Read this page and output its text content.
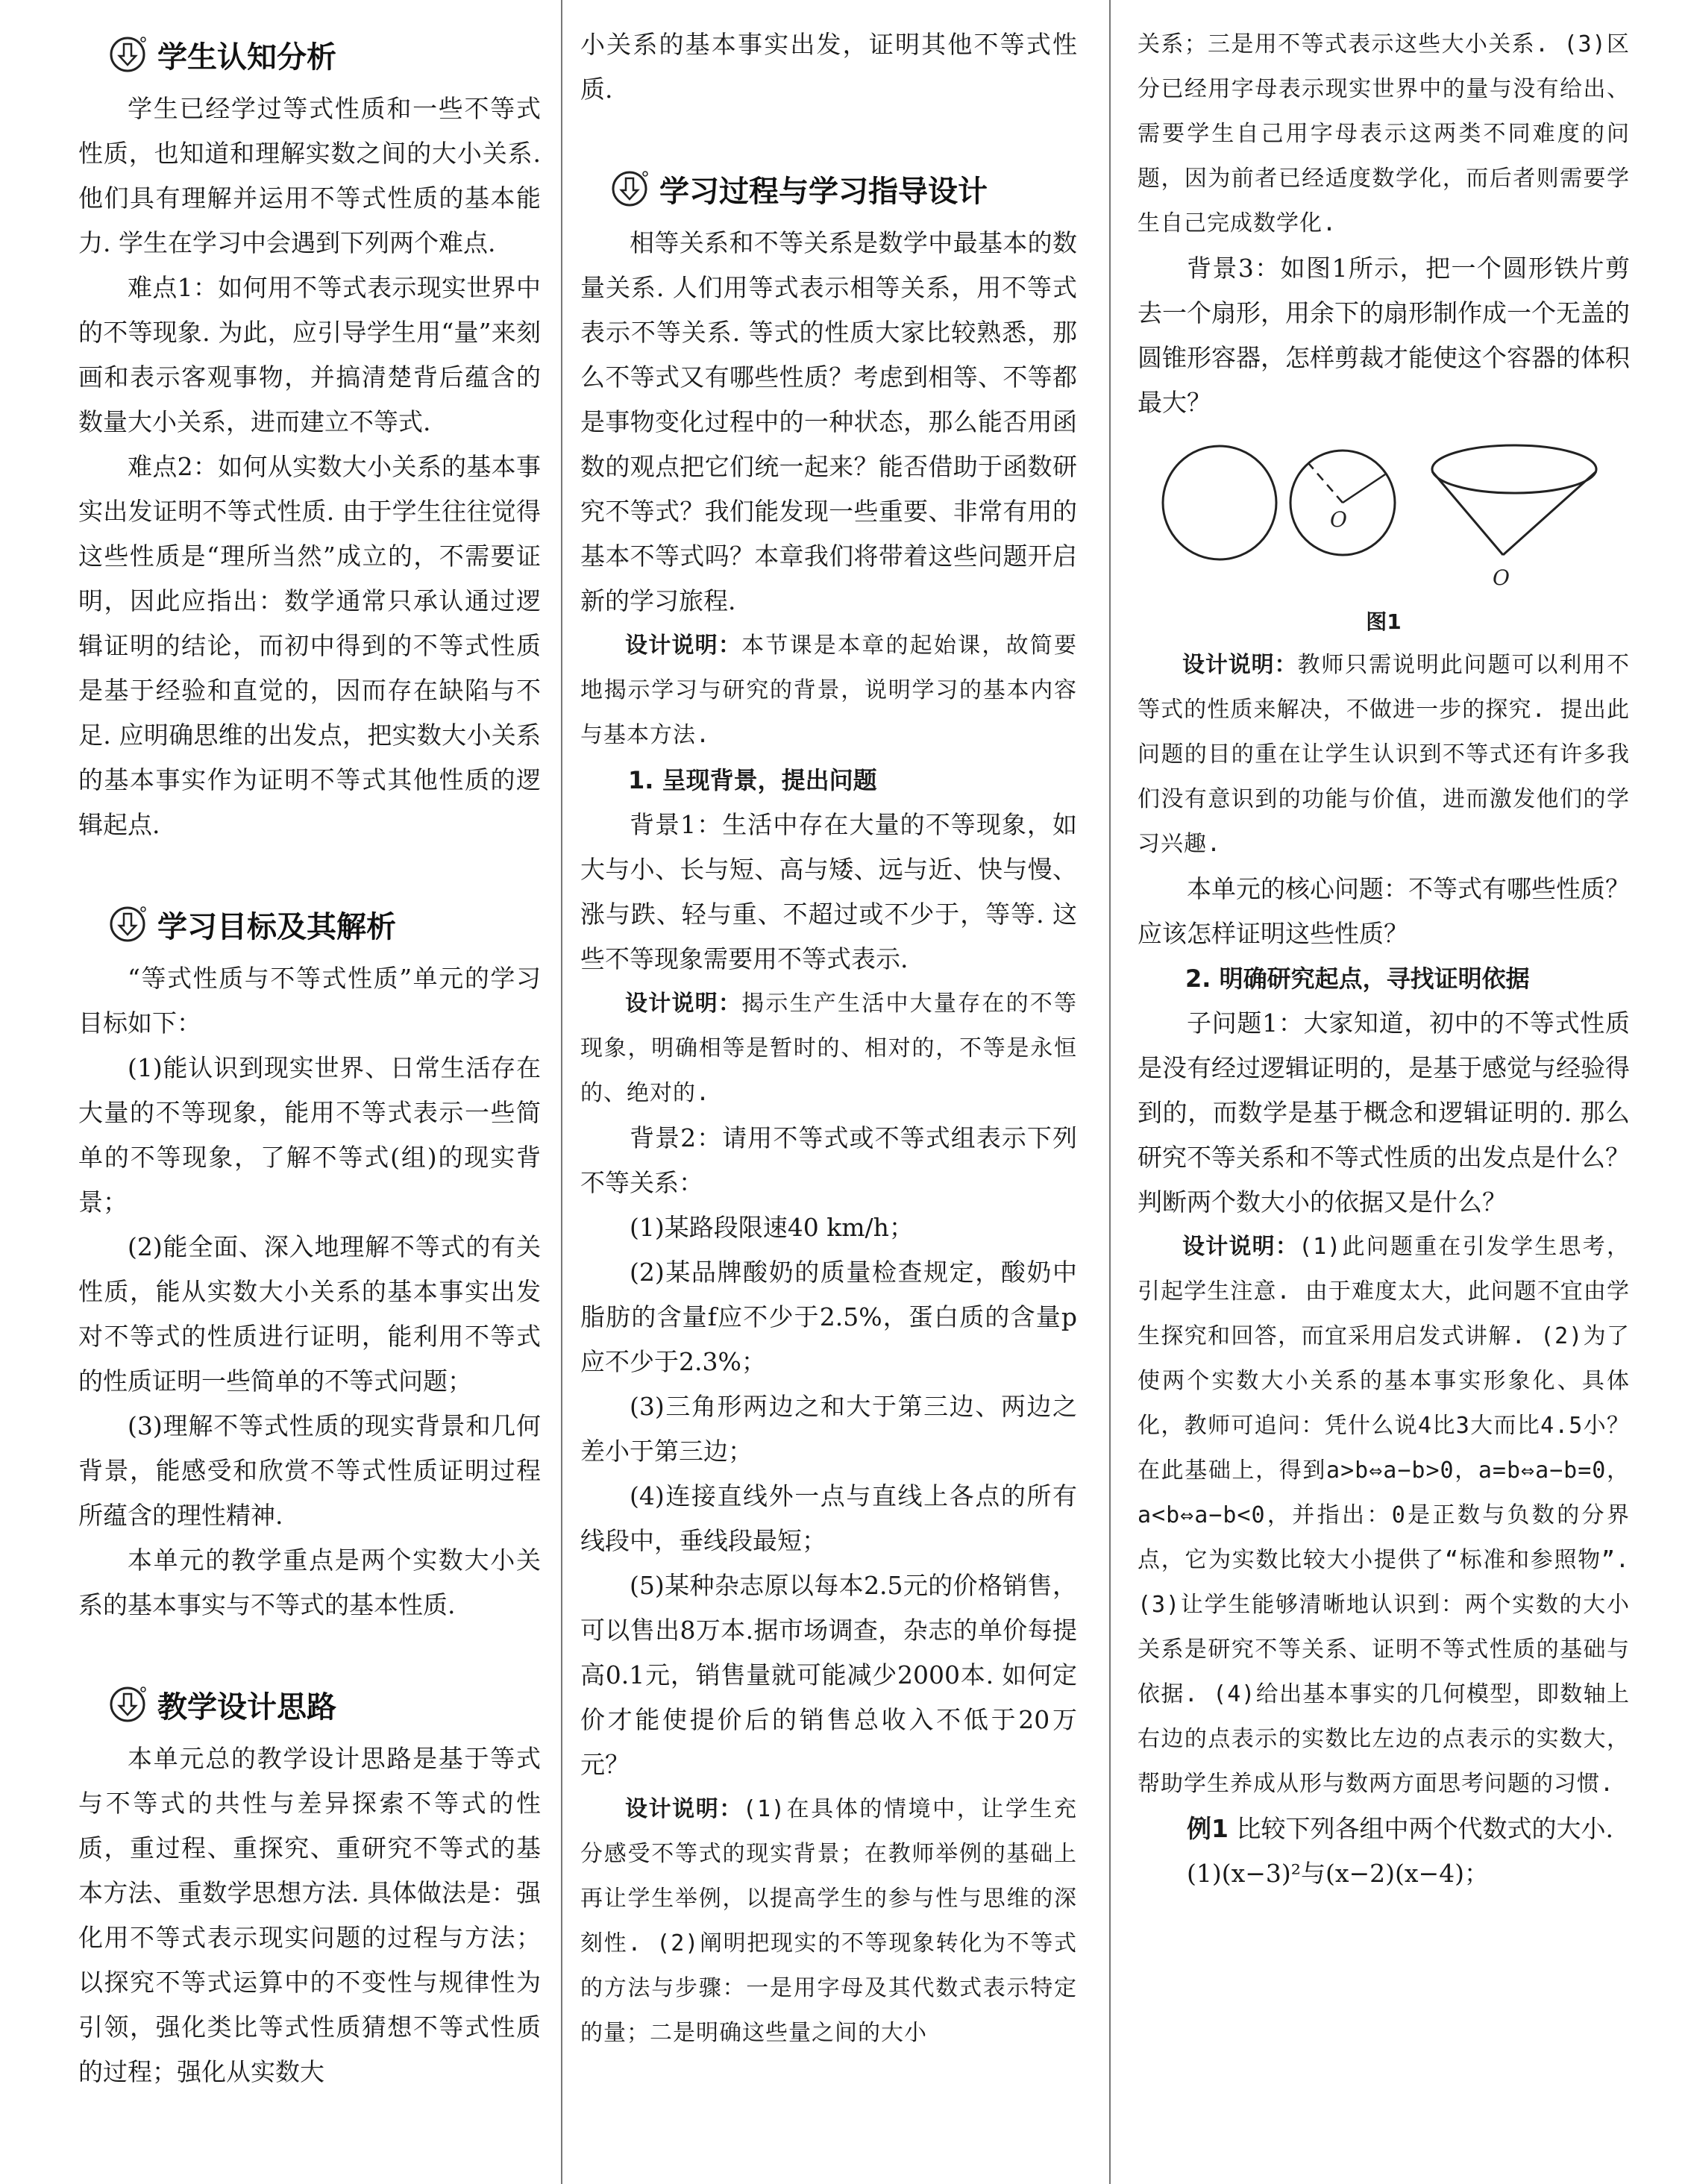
学生认知分析

学生已经学过等式性质和一些不等式性质，也知道和理解实数之间的大小关系. 他们具有理解并运用不等式性质的基本能力. 学生在学习中会遇到下列两个难点.

难点1：如何用不等式表示现实世界中的不等现象. 为此，应引导学生用“量”来刻画和表示客观事物，并搞清楚背后蕴含的数量大小关系，进而建立不等式.

难点2：如何从实数大小关系的基本事实出发证明不等式性质. 由于学生往往觉得这些性质是“理所当然”成立的，不需要证明，因此应指出：数学通常只承认通过逻辑证明的结论，而初中得到的不等式性质是基于经验和直觉的，因而存在缺陷与不足. 应明确思维的出发点，把实数大小关系的基本事实作为证明不等式其他性质的逻辑起点.

学习目标及其解析

“等式性质与不等式性质”单元的学习目标如下：

(1)能认识到现实世界、日常生活存在大量的不等现象，能用不等式表示一些简单的不等现象，了解不等式(组)的现实背景；

(2)能全面、深入地理解不等式的有关性质，能从实数大小关系的基本事实出发对不等式的性质进行证明，能利用不等式的性质证明一些简单的不等式问题；

(3)理解不等式性质的现实背景和几何背景，能感受和欣赏不等式性质证明过程所蕴含的理性精神.

本单元的教学重点是两个实数大小关系的基本事实与不等式的基本性质.

教学设计思路

本单元总的教学设计思路是基于等式与不等式的共性与差异探索不等式的性质，重过程、重探究、重研究不等式的基本方法、重数学思想方法. 具体做法是：强化用不等式表示现实问题的过程与方法；以探究不等式运算中的不变性与规律性为引领，强化类比等式性质猜想不等式性质的过程；强化从实数大

小关系的基本事实出发，证明其他不等式性质.

学习过程与学习指导设计

相等关系和不等关系是数学中最基本的数量关系. 人们用等式表示相等关系，用不等式表示不等关系. 等式的性质大家比较熟悉，那么不等式又有哪些性质？考虑到相等、不等都是事物变化过程中的一种状态，那么能否用函数的观点把它们统一起来？能否借助于函数研究不等式？我们能发现一些重要、非常有用的基本不等式吗？本章我们将带着这些问题开启新的学习旅程.

设计说明：本节课是本章的起始课，故简要地揭示学习与研究的背景，说明学习的基本内容与基本方法.

1. 呈现背景，提出问题

背景1：生活中存在大量的不等现象，如大与小、长与短、高与矮、远与近、快与慢、涨与跌、轻与重、不超过或不少于，等等. 这些不等现象需要用不等式表示.

设计说明：揭示生产生活中大量存在的不等现象，明确相等是暂时的、相对的，不等是永恒的、绝对的.

背景2：请用不等式或不等式组表示下列不等关系：

(1)某路段限速40 km/h；

(2)某品牌酸奶的质量检查规定，酸奶中脂肪的含量f应不少于2.5%，蛋白质的含量p应不少于2.3%；

(3)三角形两边之和大于第三边、两边之差小于第三边；

(4)连接直线外一点与直线上各点的所有线段中，垂线段最短；

(5)某种杂志原以每本2.5元的价格销售，可以售出8万本.据市场调查，杂志的单价每提高0.1元，销售量就可能减少2000本. 如何定价才能使提价后的销售总收入不低于20万元？

设计说明：(1)在具体的情境中，让学生充分感受不等式的现实背景；在教师举例的基础上再让学生举例，以提高学生的参与性与思维的深刻性. (2)阐明把现实的不等现象转化为不等式的方法与步骤：一是用字母及其代数式表示特定的量；二是明确这些量之间的大小

关系；三是用不等式表示这些大小关系. (3)区分已经用字母表示现实世界中的量与没有给出、需要学生自己用字母表示这两类不同难度的问题，因为前者已经适度数学化，而后者则需要学生自己完成数学化.

背景3：如图1所示，把一个圆形铁片剪去一个扇形，用余下的扇形制作成一个无盖的圆锥形容器，怎样剪裁才能使这个容器的体积最大？

O
O
图1

设计说明：教师只需说明此问题可以利用不等式的性质来解决，不做进一步的探究. 提出此问题的目的重在让学生认识到不等式还有许多我们没有意识到的功能与价值，进而激发他们的学习兴趣.

本单元的核心问题：不等式有哪些性质？应该怎样证明这些性质？

2. 明确研究起点，寻找证明依据

子问题1：大家知道，初中的不等式性质是没有经过逻辑证明的，是基于感觉与经验得到的，而数学是基于概念和逻辑证明的. 那么研究不等关系和不等式性质的出发点是什么？判断两个数大小的依据又是什么？

设计说明：(1)此问题重在引发学生思考，引起学生注意. 由于难度太大，此问题不宜由学生探究和回答，而宜采用启发式讲解. (2)为了使两个实数大小关系的基本事实形象化、具体化，教师可追问：凭什么说4比3大而比4.5小？在此基础上，得到a>b⇔a−b>0，a=b⇔a−b=0，a<b⇔a−b<0，并指出：0是正数与负数的分界点，它为实数比较大小提供了“标准和参照物”. (3)让学生能够清晰地认识到：两个实数的大小关系是研究不等关系、证明不等式性质的基础与依据. (4)给出基本事实的几何模型，即数轴上右边的点表示的实数比左边的点表示的实数大，帮助学生养成从形与数两方面思考问题的习惯.

例1 比较下列各组中两个代数式的大小.

(1)(x−3)²与(x−2)(x−4)；
